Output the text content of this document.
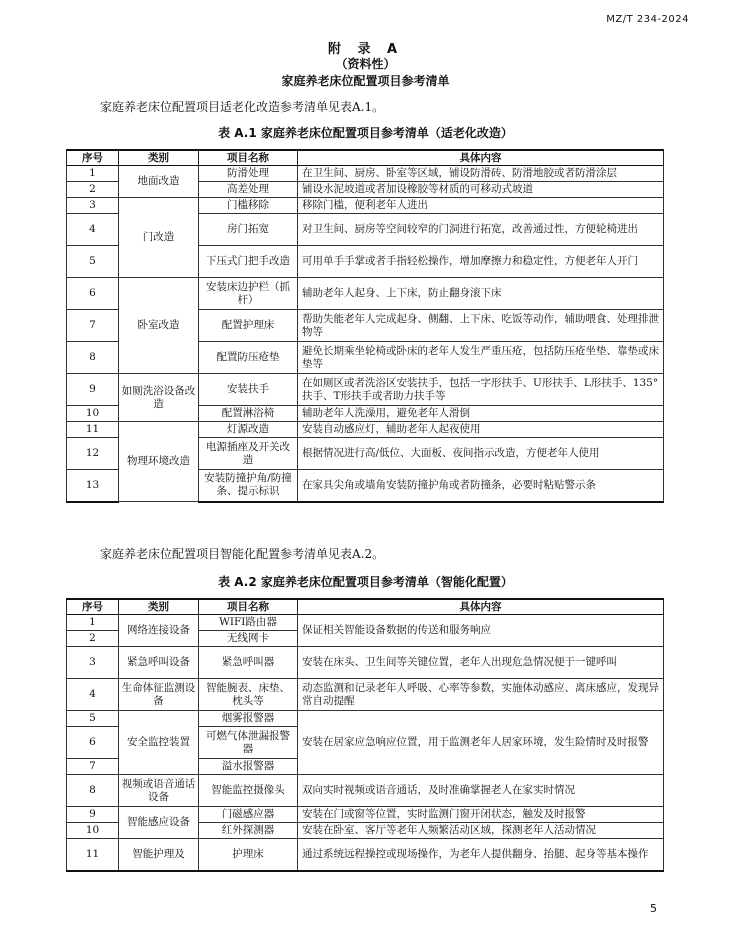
MZ/T 234-2024
附 录 A
（资料性）
家庭养老床位配置项目参考清单
家庭养老床位配置项目适老化改造参考清单见表A.1。
表 A.1 家庭养老床位配置项目参考清单（适老化改造）
序号	类别	项目名称	具体内容
1	地面改造	防滑处理	在卫生间、厨房、卧室等区域，铺设防滑砖、防滑地胶或者防滑涂层
2		高差处理	铺设水泥坡道或者加设橡胶等材质的可移动式坡道
3	门改造	门槛移除	移除门槛，便利老年人进出
4		房门拓宽	对卫生间、厨房等空间较窄的门洞进行拓宽，改善通过性，方便轮椅进出
5		下压式门把手改造	可用单手手掌或者手指轻松操作，增加摩擦力和稳定性，方便老年人开门
6	卧室改造	安装床边护栏（抓杆）	辅助老年人起身、上下床，防止翻身滚下床
7		配置护理床	帮助失能老年人完成起身、侧翻、上下床、吃饭等动作，辅助喂食、处理排泄物等
8		配置防压疮垫	避免长期乘坐轮椅或卧床的老年人发生严重压疮，包括防压疮坐垫、靠垫或床垫等
9	如厕洗浴设备改造	安装扶手	在如厕区或者洗浴区安装扶手，包括一字形扶手、U形扶手、L形扶手、135°扶手、T形扶手或者助力扶手等
10		配置淋浴椅	辅助老年人洗澡用，避免老年人滑倒
11	物理环境改造	灯源改造	安装自动感应灯，辅助老年人起夜使用
12		电源插座及开关改造	根据情况进行高/低位、大面板、夜间指示改造，方便老年人使用
13		安装防撞护角/防撞条、提示标识	在家具尖角或墙角安装防撞护角或者防撞条，必要时粘贴警示条
家庭养老床位配置项目智能化配置参考清单见表A.2。
表 A.2 家庭养老床位配置项目参考清单（智能化配置）
序号	类别	项目名称	具体内容
1	网络连接设备	WIFI路由器	保证相关智能设备数据的传送和服务响应
2		无线网卡	
3	紧急呼叫设备	紧急呼叫器	安装在床头、卫生间等关键位置，老年人出现危急情况便于一键呼叫
4	生命体征监测设备	智能腕表、床垫、枕头等	动态监测和记录老年人呼吸、心率等参数，实施体动感应、离床感应，发现异常自动提醒
5	安全监控装置	烟雾报警器	安装在居家应急响应位置，用于监测老年人居家环境，发生险情时及时报警
6		可燃气体泄漏报警器	
7		溢水报警器	
8	视频或语音通话设备	智能监控摄像头	双向实时视频或语音通话，及时准确掌握老人在家实时情况
9	智能感应设备	门磁感应器	安装在门或窗等位置，实时监测门窗开闭状态，触发及时报警
10		红外探测器	安装在卧室、客厅等老年人频繁活动区域，探测老年人活动情况
11	智能护理及	护理床	通过系统远程操控或现场操作，为老年人提供翻身、抬腿、起身等基本操作
5
